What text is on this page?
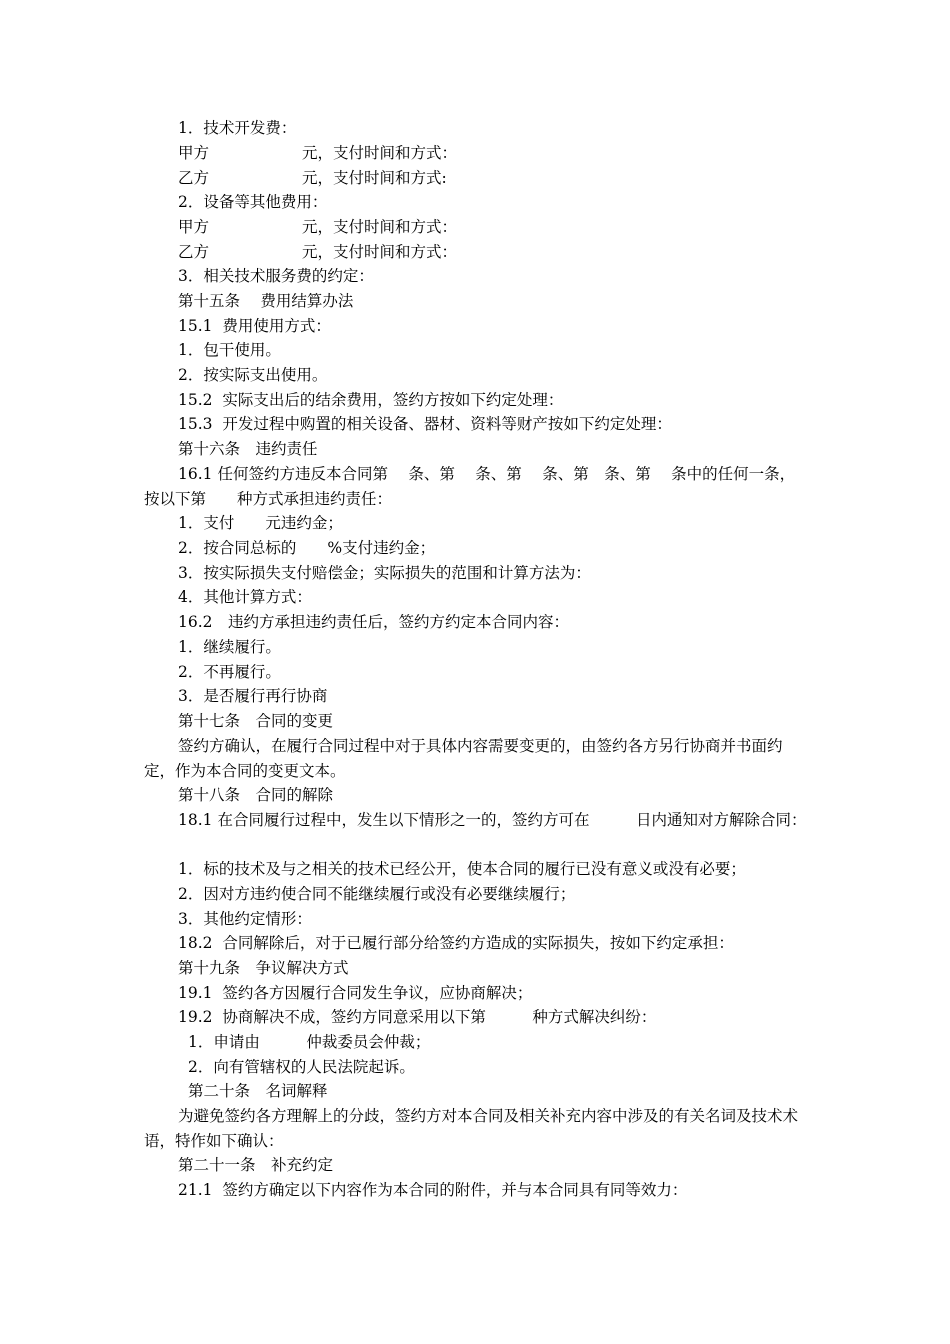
1．技术开发费：
甲方　　　　　　元，支付时间和方式：
乙方　　　　　　元，支付时间和方式:
2．设备等其他费用：
甲方　　　　　　元，支付时间和方式：
乙方　　　　　　元，支付时间和方式：
3．相关技术服务费的约定：
第十五条　 费用结算办法
15.1  费用使用方式：
1．包干使用。
2．按实际支出使用。
15.2  实际支出后的结余费用，签约方按如下约定处理：
15.3  开发过程中购置的相关设备、器材、资料等财产按如下约定处理：
第十六条　违约责任
16.1 任何签约方违反本合同第　 条、第　 条、第　 条、第　条、第　 条中的任何一条，按以下第　　种方式承担违约责任：
1．支付　　元违约金；
2．按合同总标的　　%支付违约金；
3．按实际损失支付赔偿金；实际损失的范围和计算方法为：
4．其他计算方式：
16.2　违约方承担违约责任后，签约方约定本合同内容：
1．继续履行。
2．不再履行。
3．是否履行再行协商
第十七条　合同的变更
签约方确认，在履行合同过程中对于具体内容需要变更的，由签约各方另行协商并书面约定，作为本合同的变更文本。
第十八条　合同的解除
18.1 在合同履行过程中，发生以下情形之一的，签约方可在　　　日内通知对方解除合同：
1．标的技术及与之相关的技术已经公开，使本合同的履行已没有意义或没有必要；
2．因对方违约使合同不能继续履行或没有必要继续履行；
3．其他约定情形：
18.2  合同解除后，对于已履行部分给签约方造成的实际损失，按如下约定承担：
第十九条　争议解决方式
19.1  签约各方因履行合同发生争议，应协商解决；
19.2  协商解决不成，签约方同意采用以下第　　　种方式解决纠纷：
1．申请由　　　仲裁委员会仲裁；
2．向有管辖权的人民法院起诉。
第二十条　名词解释
为避免签约各方理解上的分歧，签约方对本合同及相关补充内容中涉及的有关名词及技术术语，特作如下确认：
第二十一条　补充约定
21.1  签约方确定以下内容作为本合同的附件，并与本合同具有同等效力：
